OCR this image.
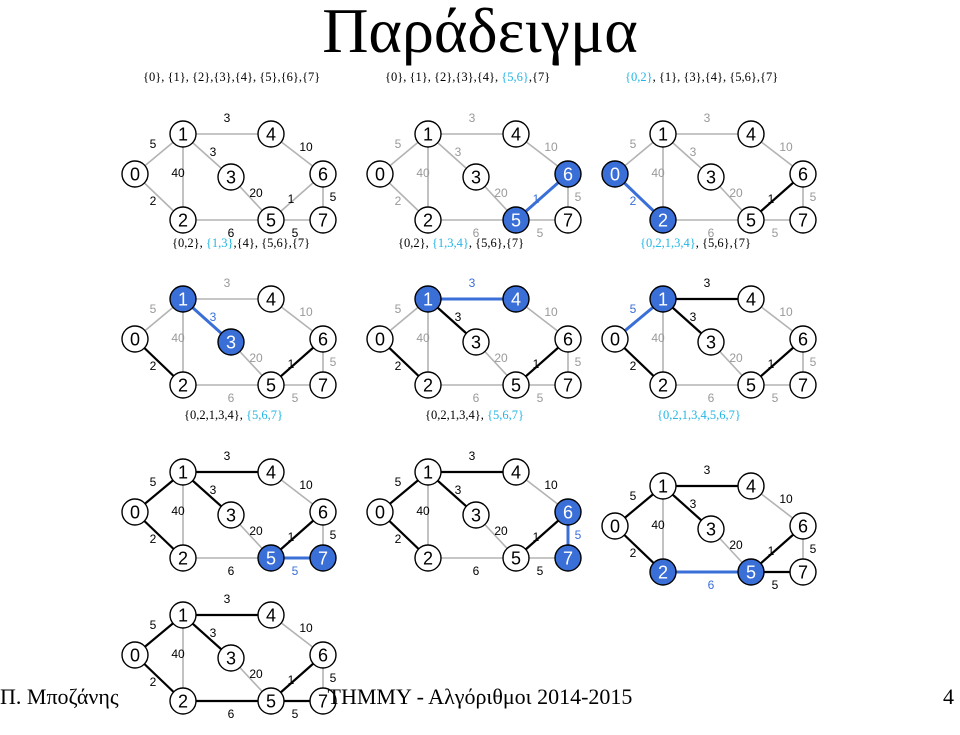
Παράδειγμα
{0}, {1}, {2},{3},{4}, {5},{6},{7}
5
2
40
3
3
6
20
10
1	5
5
0
1
2
3
4
5
6
7
{0}, {1}, {2},{3},{4}, {5,6},{7}
5
2
40
3
3
6
20
10
1	5
5
0
1
2
3
4
5
6
7
{0,2}, {1}, {3},{4}, {5,6},{7}
5
2
40
3
3
6
20
10
1	5
5
0
1
2
3
4
5
6
7
{0,2}, {1,3},{4}, {5,6},{7}
5
2
40
3
3
6
20
10
1	5
5
0
1
2
3
4
5
6
7
{0,2}, {1,3,4}, {5,6},{7}
5
2
40
3
3
6
20
10
1	5
5
0
1
2
3
4
5
6
7
{0,2,1,3,4}, {5,6},{7}
5
2
40
3
3
6
20
10
1	5
5
0
1
2
3
4
5
6
7
{0,2,1,3,4}, {5,6,7}
5
2
40
3
3
6
20
10
1	5
5
0
1
2
3
4
5
6
7
{0,2,1,3,4}, {5,6,7}
5
2
40
3
3
6
20
10
1	5
5
0
1
2
3
4
5
6
7
{0,2,1,3,4,5,6,7}
5
2
40
3
3
6
20
10
1	5
5
0
1
2
3
4
5
6
7
5
2
40
3
3
6
20
10
1	5
5
0
1
2
3
4
5
6
7
Π. Μποζάνης	ΤΗΜΜΥ - Αλγόριθμοι 2014-2015	4
